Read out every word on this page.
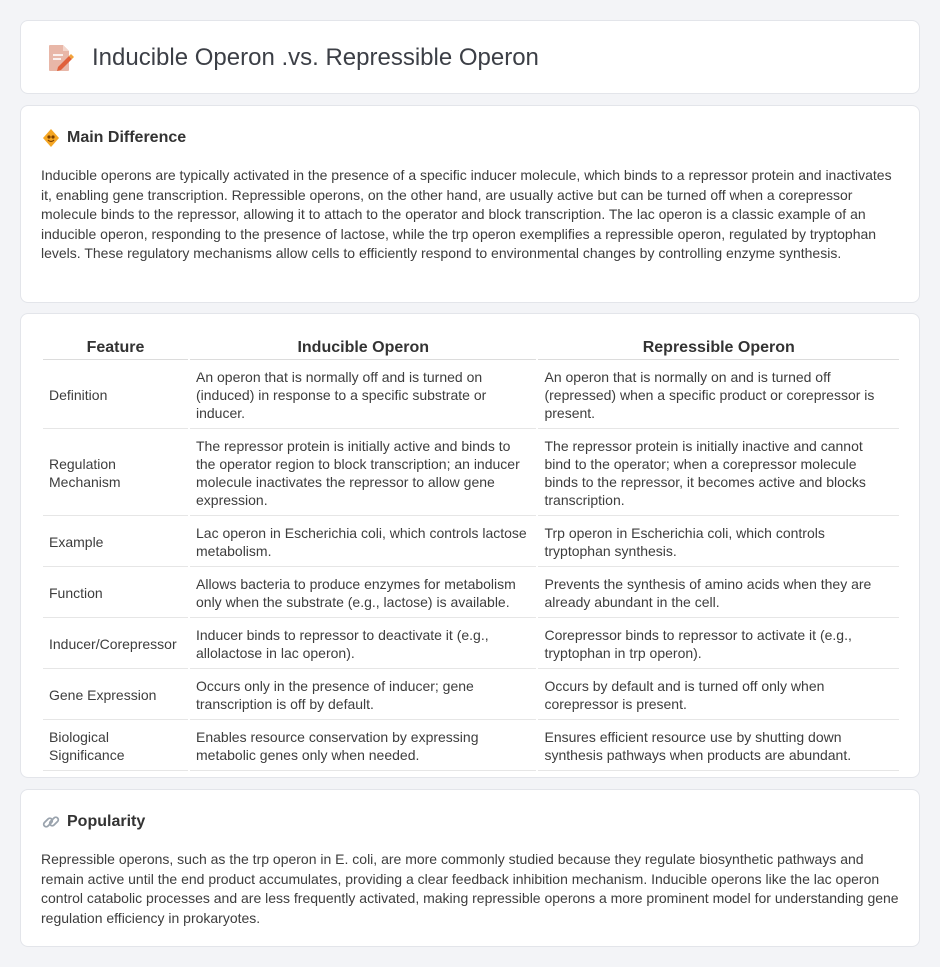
Inducible Operon .vs. Repressible Operon
Main Difference

Inducible operons are typically activated in the presence of a specific inducer molecule, which binds to a repressor protein and inactivates it, enabling gene transcription. Repressible operons, on the other hand, are usually active but can be turned off when a corepressor molecule binds to the repressor, allowing it to attach to the operator and block transcription. The lac operon is a classic example of an inducible operon, responding to the presence of lactose, while the trp operon exemplifies a repressible operon, regulated by tryptophan levels. These regulatory mechanisms allow cells to efficiently respond to environmental changes by controlling enzyme synthesis.

Feature	Inducible Operon	Repressible Operon
Definition	An operon that is normally off and is turned on (induced) in response to a specific substrate or inducer.	An operon that is normally on and is turned off (repressed) when a specific product or corepressor is present.
Regulation Mechanism	The repressor protein is initially active and binds to the operator region to block transcription; an inducer molecule inactivates the repressor to allow gene expression.	The repressor protein is initially inactive and cannot bind to the operator; when a corepressor molecule binds to the repressor, it becomes active and blocks transcription.
Example	Lac operon in Escherichia coli, which controls lactose metabolism.	Trp operon in Escherichia coli, which controls tryptophan synthesis.
Function	Allows bacteria to produce enzymes for metabolism only when the substrate (e.g., lactose) is available.	Prevents the synthesis of amino acids when they are already abundant in the cell.
Inducer/Corepressor	Inducer binds to repressor to deactivate it (e.g., allolactose in lac operon).	Corepressor binds to repressor to activate it (e.g., tryptophan in trp operon).
Gene Expression	Occurs only in the presence of inducer; gene transcription is off by default.	Occurs by default and is turned off only when corepressor is present.
Biological Significance	Enables resource conservation by expressing metabolic genes only when needed.	Ensures efficient resource use by shutting down synthesis pathways when products are abundant.
Popularity

Repressible operons, such as the trp operon in E. coli, are more commonly studied because they regulate biosynthetic pathways and remain active until the end product accumulates, providing a clear feedback inhibition mechanism. Inducible operons like the lac operon control catabolic processes and are less frequently activated, making repressible operons a more prominent model for understanding gene regulation efficiency in prokaryotes.
